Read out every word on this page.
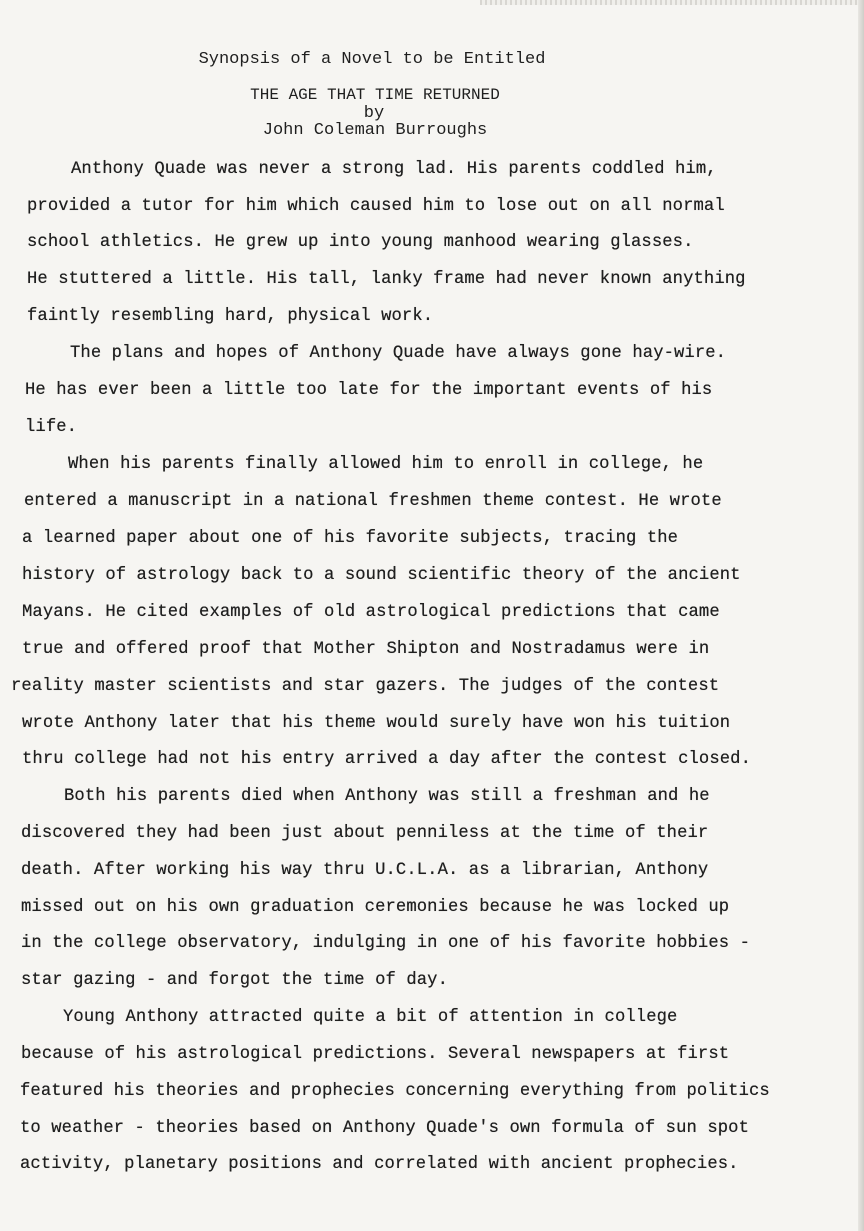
Synopsis of a Novel to be Entitled

THE AGE THAT TIME RETURNED

by

John Coleman Burroughs

Anthony Quade was never a strong lad. His parents coddled him,

provided a tutor for him which caused him to lose out on all normal

school athletics. He grew up into young manhood wearing glasses.

He stuttered a little. His tall, lanky frame had never known anything

faintly resembling hard, physical work.

The plans and hopes of Anthony Quade have always gone hay-wire.

He has ever been a little too late for the important events of his

life.

When his parents finally allowed him to enroll in college, he

entered a manuscript in a national freshmen theme contest. He wrote

a learned paper about one of his favorite subjects, tracing the

history of astrology back to a sound scientific theory of the ancient

Mayans. He cited examples of old astrological predictions that came

true and offered proof that Mother Shipton and Nostradamus were in

reality master scientists and star gazers. The judges of the contest

wrote Anthony later that his theme would surely have won his tuition

thru college had not his entry arrived a day after the contest closed.

Both his parents died when Anthony was still a freshman and he

discovered they had been just about penniless at the time of their

death. After working his way thru U.C.L.A. as a librarian, Anthony

missed out on his own graduation ceremonies because he was locked up

in the college observatory, indulging in one of his favorite hobbies -

star gazing - and forgot the time of day.

Young Anthony attracted quite a bit of attention in college

because of his astrological predictions. Several newspapers at first

featured his theories and prophecies concerning everything from politics

to weather - theories based on Anthony Quade's own formula of sun spot

activity, planetary positions and correlated with ancient prophecies.
